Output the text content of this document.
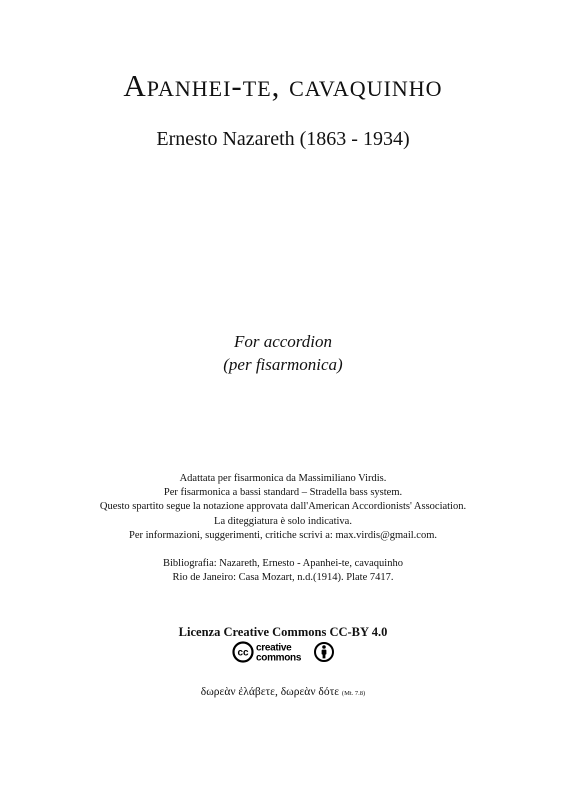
Apanhei-te, cavaquinho
Ernesto Nazareth (1863 - 1934)
For accordion
(per fisarmonica)
Adattata per fisarmonica da Massimiliano Virdis.
Per fisarmonica a bassi standard – Stradella bass system.
Questo spartito segue la notazione approvata dall'American Accordionists' Association.
La diteggiatura è solo indicativa.
Per informazioni, suggerimenti, critiche scrivi a: max.virdis@gmail.com.
Bibliografia: Nazareth, Ernesto - Apanhei-te, cavaquinho
Rio de Janeiro: Casa Mozart, n.d.(1914). Plate 7417.
Licenza Creative Commons CC-BY 4.0
cc creative
commons
δωρεὰν ἐλάβετε, δωρεὰν δότε (Mt. 7.8)
